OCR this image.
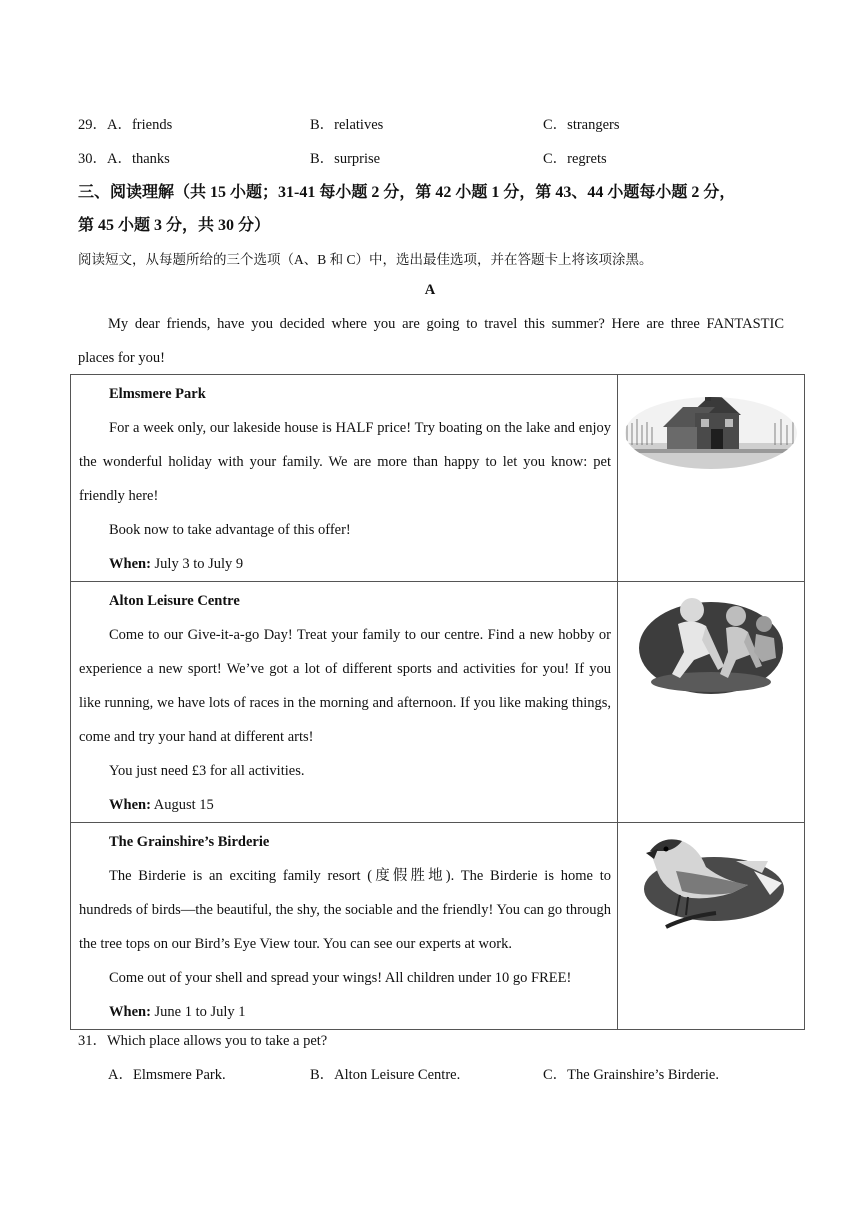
29．A．friends	B．relatives	C．strangers
30．A．thanks	B．surprise	C．regrets
三、阅读理解（共 15 小题；31-41 每小题 2 分，第 42 小题 1 分，第 43、44 小题每小题 2 分，
第 45 小题 3 分，共 30 分）
阅读短文，从每题所给的三个选项（A、B 和 C）中，选出最佳选项，并在答题卡上将该项涂黑。
A
My dear friends, have you decided where you are going to travel this summer? Here are three FANTASTIC
places for you!

Elmsmere Park

For a week only, our lakeside house is HALF price! Try boating on the lake and enjoy the wonderful holiday with your family. We are more than happy to let you know: pet friendly here!

Book now to take advantage of this offer!

When: July 3 to July 9

Alton Leisure Centre

Come to our Give-it-a-go Day! Treat your family to our centre. Find a new hobby or experience a new sport! We’ve got a lot of different sports and activities for you! If you like running, we have lots of races in the morning and afternoon. If you like making things, come and try your hand at different arts!

You just need £3 for all activities.

When: August 15

The Grainshire’s Birderie

The Birderie is an exciting family resort (度假胜地). The Birderie is home to hundreds of birds—the beautiful, the shy, the sociable and the friendly! You can go through the tree tops on our Bird’s Eye View tour. You can see our experts at work.

Come out of your shell and spread your wings! All children under 10 go FREE!

When: June 1 to July 1

31．Which place allows you to take a pet?
A．Elmsmere Park.	B．Alton Leisure Centre.	C．The Grainshire’s Birderie.
